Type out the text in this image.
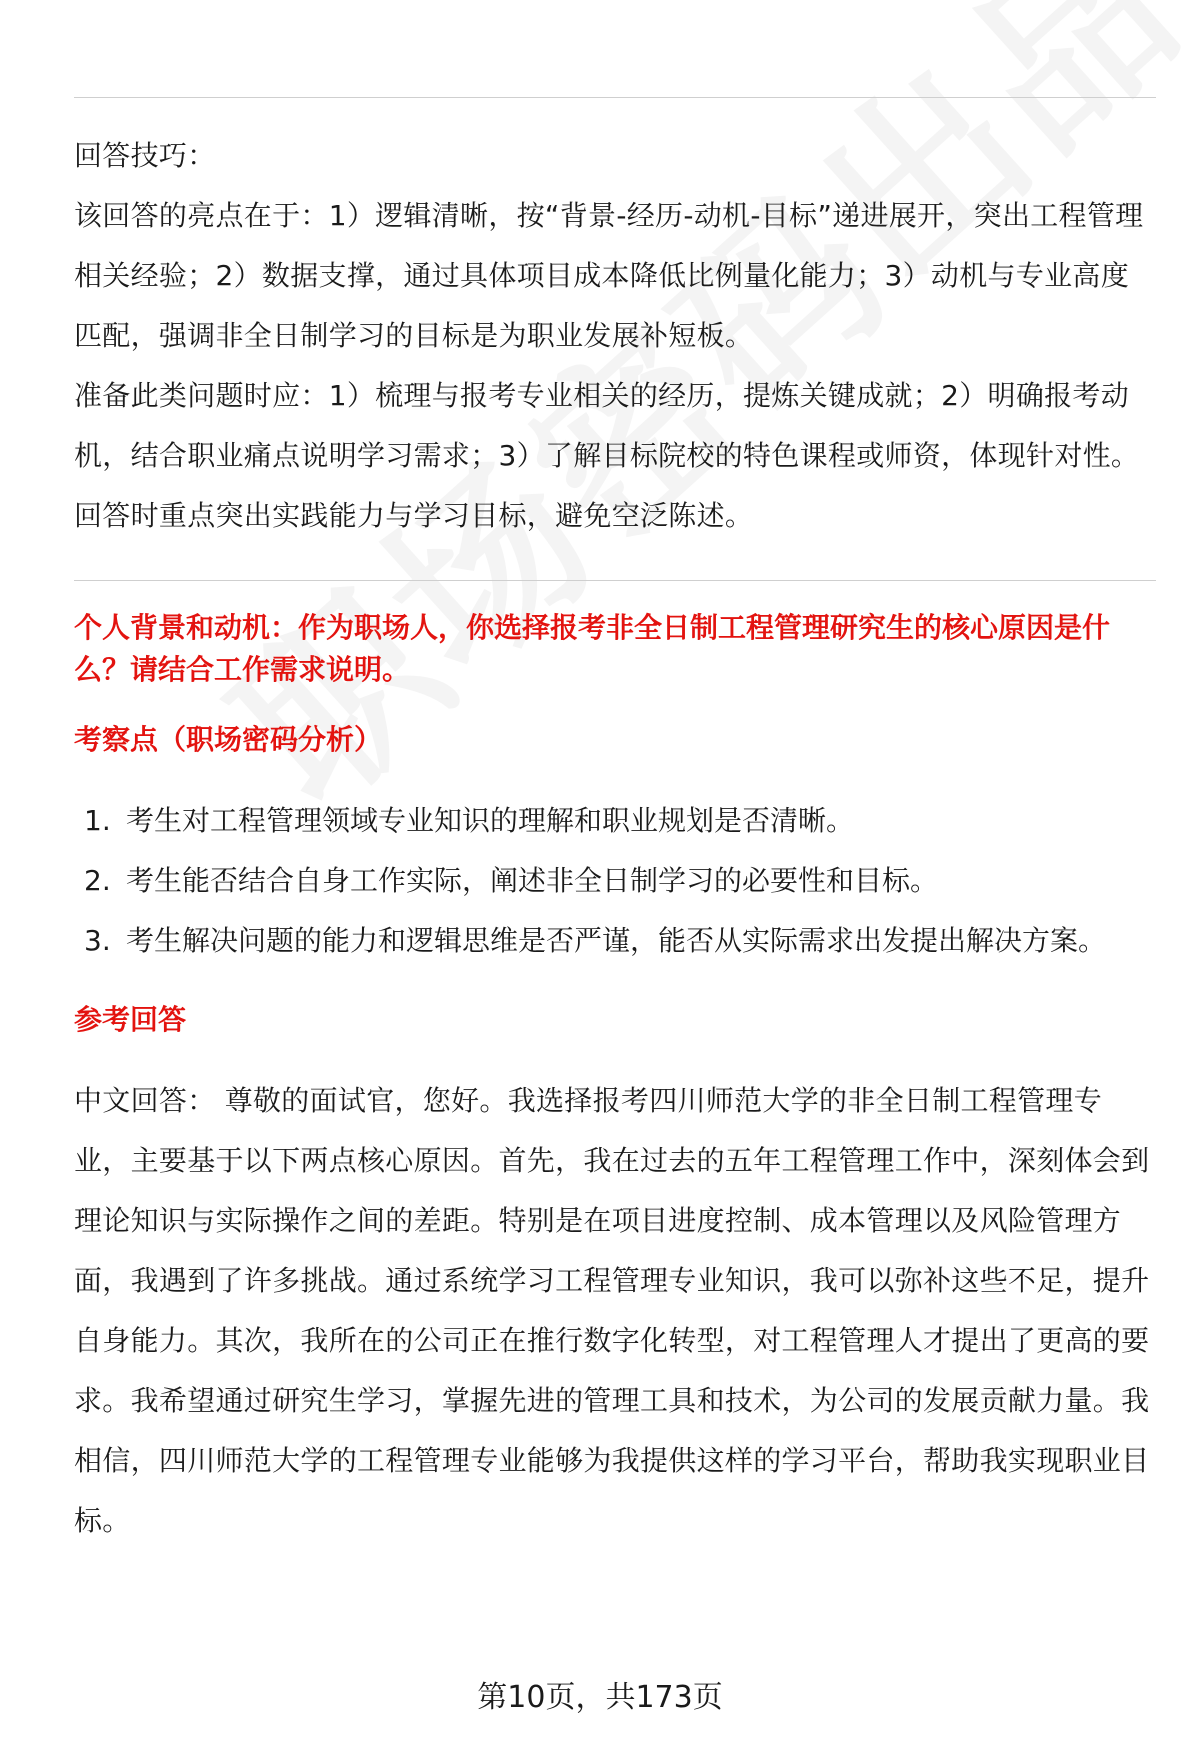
回答技巧：

该回答的亮点在于：1）逻辑清晰，按“背景-经历-动机-目标”递进展开，突出工程管理相关经验；2）数据支撑，通过具体项目成本降低比例量化能力；3）动机与专业高度匹配，强调非全日制学习的目标是为职业发展补短板。

准备此类问题时应：1）梳理与报考专业相关的经历，提炼关键成就；2）明确报考动机，结合职业痛点说明学习需求；3）了解目标院校的特色课程或师资，体现针对性。回答时重点突出实践能力与学习目标，避免空泛陈述。

个人背景和动机：作为职场人，你选择报考非全日制工程管理研究生的核心原因是什么？请结合工作需求说明。
考察点（职场密码分析）
1. 考生对工程管理领域专业知识的理解和职业规划是否清晰。
2. 考生能否结合自身工作实际，阐述非全日制学习的必要性和目标。
3. 考生解决问题的能力和逻辑思维是否严谨，能否从实际需求出发提出解决方案。
参考回答
中文回答： 尊敬的面试官，您好。我选择报考四川师范大学的非全日制工程管理专业，主要基于以下两点核心原因。首先，我在过去的五年工程管理工作中，深刻体会到理论知识与实际操作之间的差距。特别是在项目进度控制、成本管理以及风险管理方面，我遇到了许多挑战。通过系统学习工程管理专业知识，我可以弥补这些不足，提升自身能力。其次，我所在的公司正在推行数字化转型，对工程管理人才提出了更高的要求。我希望通过研究生学习，掌握先进的管理工具和技术，为公司的发展贡献力量。我相信，四川师范大学的工程管理专业能够为我提供这样的学习平台，帮助我实现职业目标。
第10页，共173页
